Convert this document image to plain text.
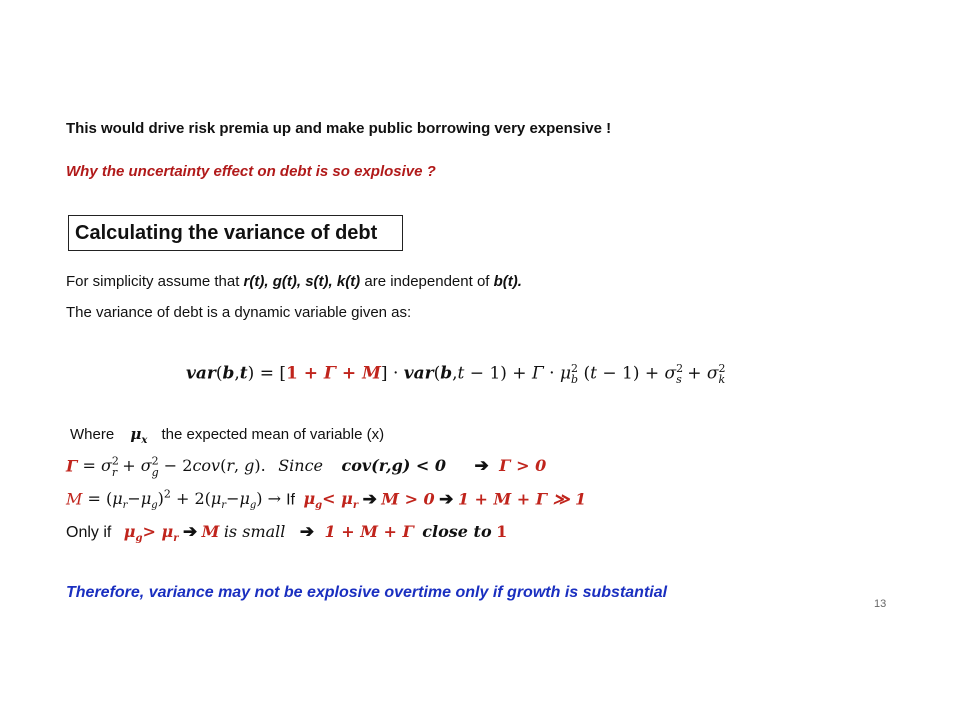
This would drive risk premia up and make public borrowing very expensive !
Why the uncertainty effect on debt is so explosive ?
Calculating the variance of debt
For simplicity assume that r(t), g(t), s(t), k(t) are independent of b(t).
The variance of debt is a dynamic variable given as:
$var(b,t) = [1 + \Gamma + M] \cdot var(b,t - 1) + \Gamma \cdot \mu^2_b$ $(t - 1) + \sigma^2_s + \sigma^2_k$
Where $\mu_x$ the expected mean of variable (x)
$\Gamma = \sigma^2_r + \sigma^2_g - 2cov(r$, g). Since cov(r,g) < 0 ➔ Γ > 0
$M = (\mu_r-\mu_g)^2 + 2(\mu_r-\mu_g) \to If$ $\mu_g< \mu_r$ ➔ M > 0 ➔ 1 + M + Γ ≫ 1
Only if $\mu_g> \mu_r$ ➔ M is small ➔ 1 + M + Γ close to 1
Therefore, variance may not be explosive overtime only if growth is substantial
13
